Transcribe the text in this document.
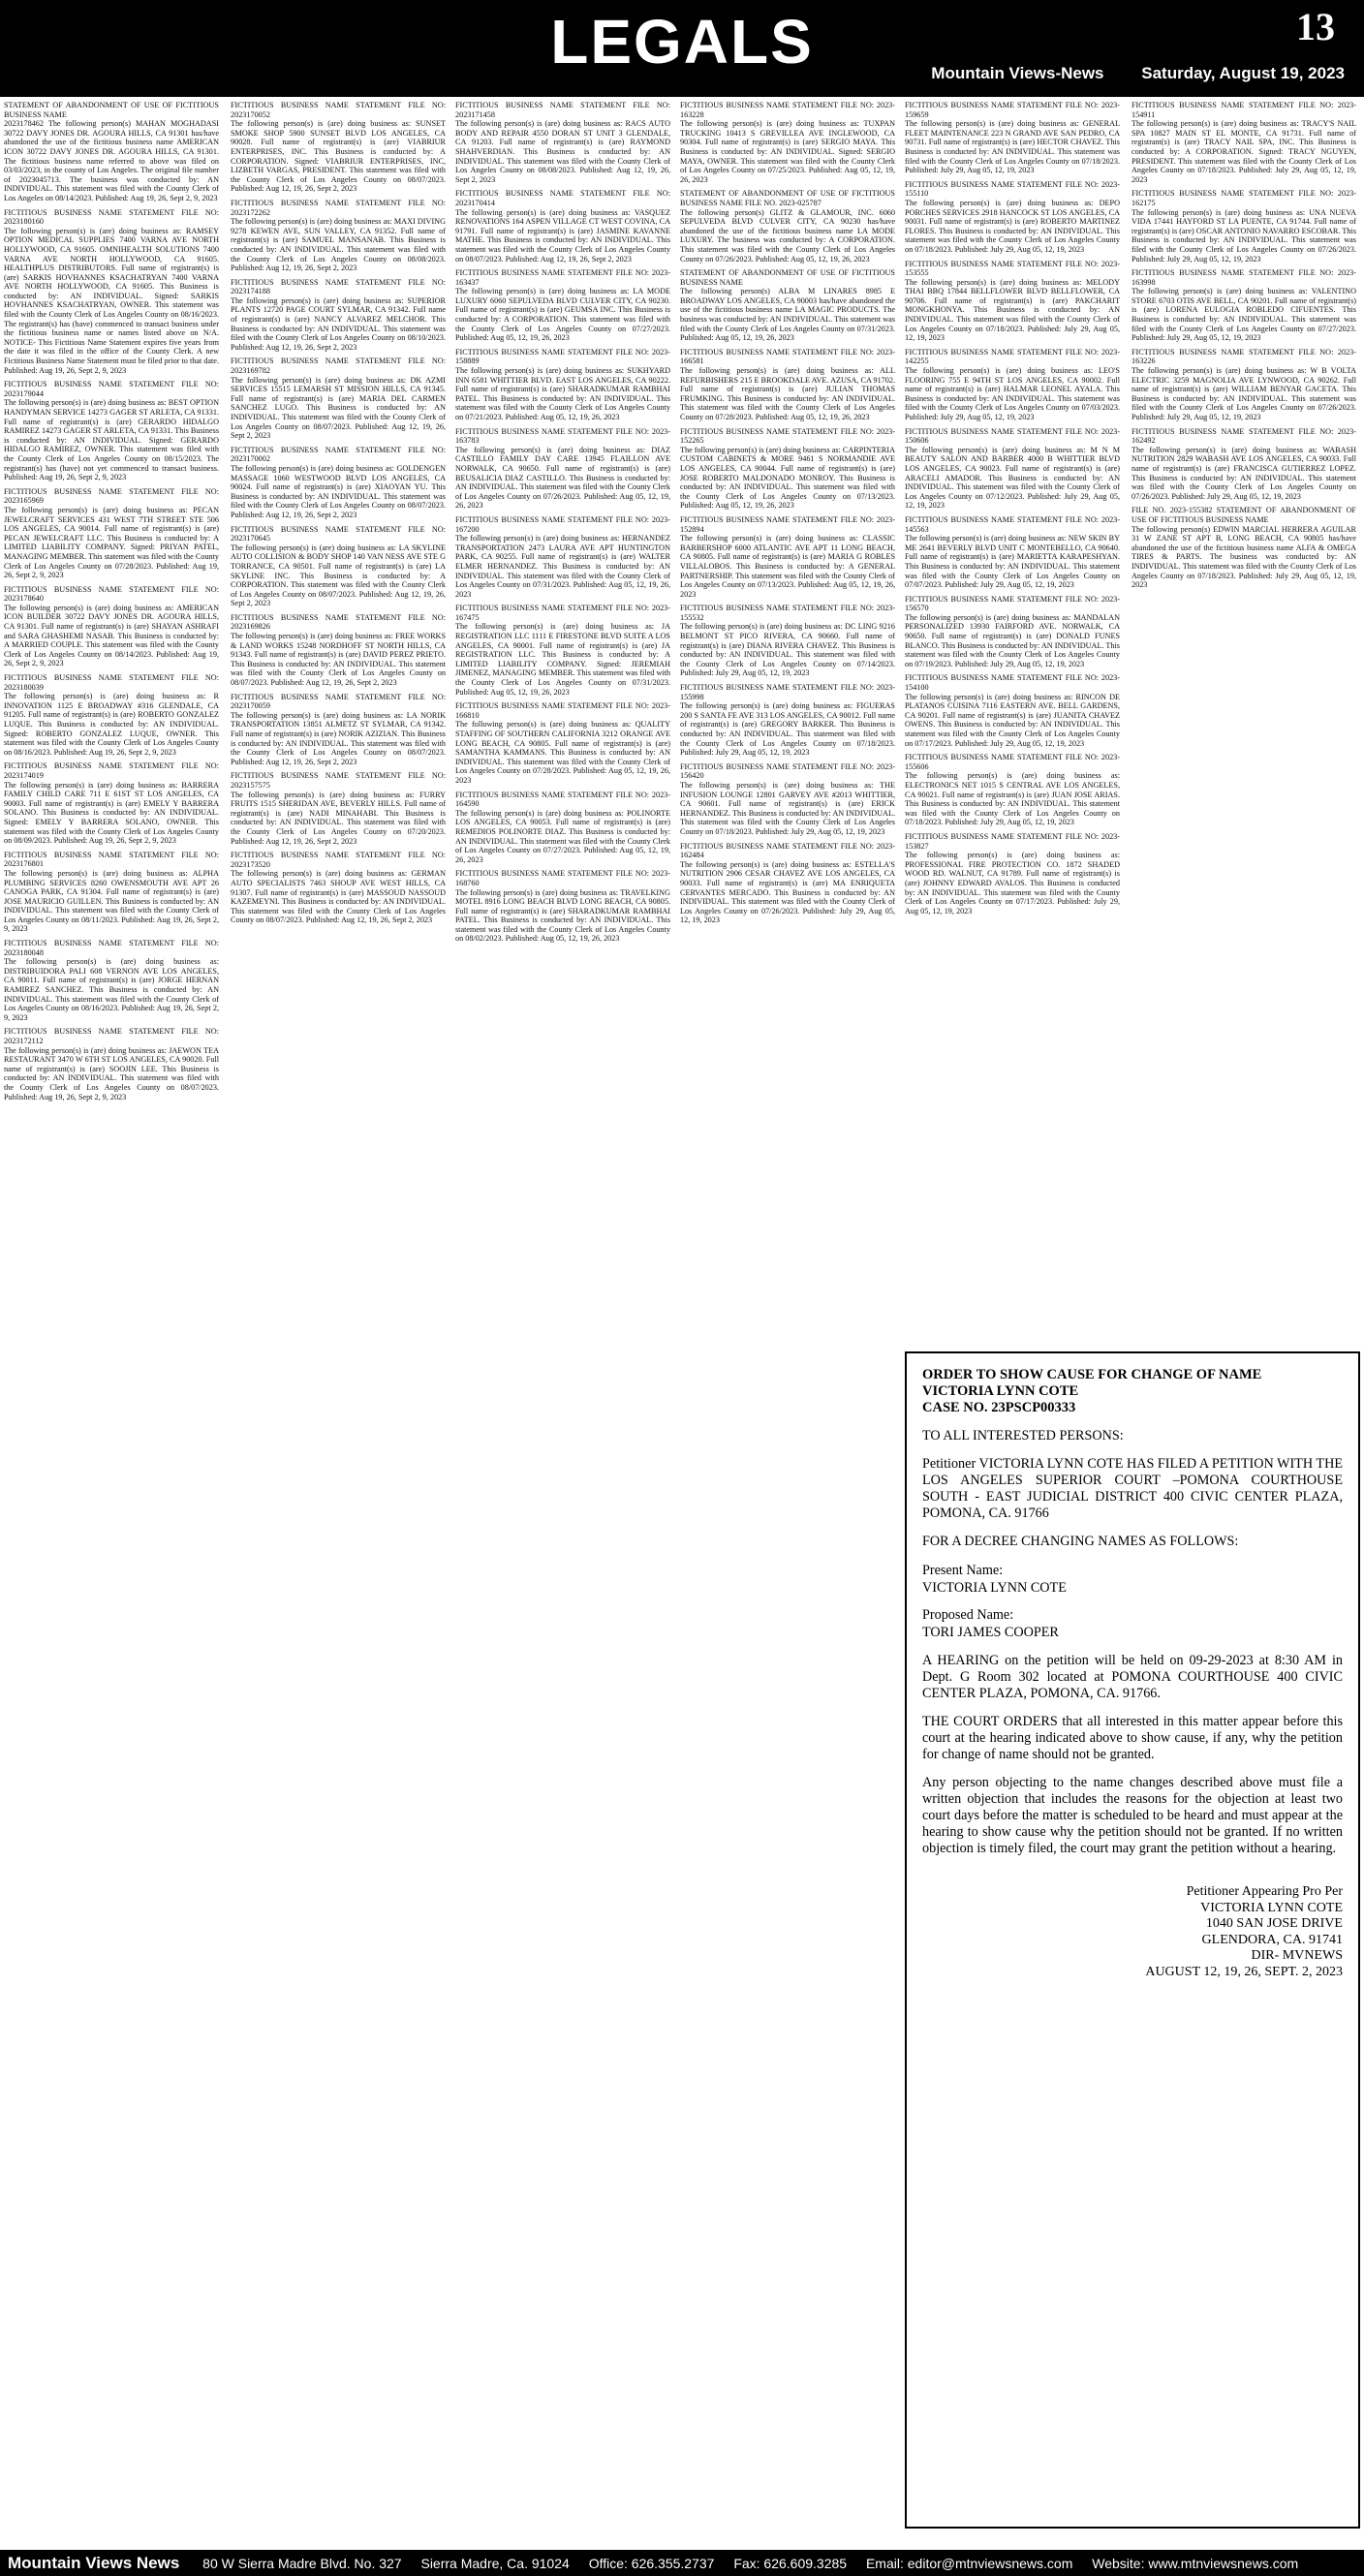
LEGALS	13
Mountain Views-News Saturday, August 19, 2023
STATEMENT OF ABANDONMENT OF USE OF FICTITIOUS BUSINESS NAME
2023178462 The following person(s) MAHAN MOGHADASI 30722 DAVY JONES DR. AGOURA HILLS, CA 91301 has/have abandoned the use of the fictitious business name AMERICAN ICON 30722 DAVY JONES DR. AGOURA HILLS, CA 91301. The fictitious business name referred to above was filed on 03/03/2023, in the county of Los Angeles. The original file number of 2023045713. The business was conducted by: AN INDIVIDUAL. This statement was filed with the County Clerk of Los Angeles on 08/14/2023. Published: Aug 19, 26, Sept 2, 9, 2023
FICTITIOUS BUSINESS NAME STATEMENT FILE NO: 2023180160
The following person(s) is (are) doing business as: RAMSEY OPTION MEDICAL SUPPLIES 7400 VARNA AVE NORTH HOLLYWOOD, CA 91605. OMNIHEALTH SOLUTIONS 7400 VARNA AVE NORTH HOLLYWOOD, CA 91605. HEALTHPLUS DISTRIBUTORS. Full name of registrant(s) is (are) SARKIS HOVHANNES KSACHATRYAN 7400 VARNA AVE NORTH HOLLYWOOD, CA 91605. This Business is conducted by: AN INDIVIDUAL. Signed: SARKIS HOVHANNES KSACHATRYAN, OWNER. This statement was filed with the County Clerk of Los Angeles County on 08/16/2023. The registrant(s) has (have) commenced to transact business under the fictitious business name or names listed above on N/A. NOTICE- This Fictitious Name Statement expires five years from the date it was filed in the office of the County Clerk. A new Fictitious Business Name Statement must be filed prior to that date. Published: Aug 19, 26, Sept 2, 9, 2023
FICTITIOUS BUSINESS NAME STATEMENT FILE NO: 2023179044
The following person(s) is (are) doing business as: BEST OPTION HANDYMAN SERVICE 14273 GAGER ST ARLETA, CA 91331. Full name of registrant(s) is (are) GERARDO HIDALGO RAMIREZ 14273 GAGER ST ARLETA, CA 91331. This Business is conducted by: AN INDIVIDUAL. Signed: GERARDO HIDALGO RAMIREZ, OWNER. This statement was filed with the County Clerk of Los Angeles County on 08/15/2023. The registrant(s) has (have) not yet commenced to transact business. Published: Aug 19, 26, Sept 2, 9, 2023
FICTITIOUS BUSINESS NAME STATEMENT FILE NO: 2023165969
The following person(s) is (are) doing business as: PECAN JEWELCRAFT SERVICES 431 WEST 7TH STREET STE 506 LOS ANGELES, CA 90014. Full name of registrant(s) is (are) PECAN JEWELCRAFT LLC. This Business is conducted by: A LIMITED LIABILITY COMPANY. Signed: PRIYAN PATEL, MANAGING MEMBER. This statement was filed with the County Clerk of Los Angeles County on 07/28/2023. Published: Aug 19, 26, Sept 2, 9, 2023
FICTITIOUS BUSINESS NAME STATEMENT FILE NO: 2023178640
The following person(s) is (are) doing business as: AMERICAN ICON BUILDER 30722 DAVY JONES DR. AGOURA HILLS, CA 91301. Full name of registrant(s) is (are) SHAYAN ASHRAFI and SARA GHASHEMI NASAB. This Business is conducted by: A MARRIED COUPLE. This statement was filed with the County Clerk of Los Angeles County on 08/14/2023. Published: Aug 19, 26, Sept 2, 9, 2023
FICTITIOUS BUSINESS NAME STATEMENT FILE NO: 2023180039
The following person(s) is (are) doing business as: R INNOVATION 1125 E BROADWAY #316 GLENDALE, CA 91205. Full name of registrant(s) is (are) ROBERTO GONZALEZ LUQUE. This Business is conducted by: AN INDIVIDUAL. Signed: ROBERTO GONZALEZ LUQUE, OWNER. This statement was filed with the County Clerk of Los Angeles County on 08/16/2023. Published: Aug 19, 26, Sept 2, 9, 2023
FICTITIOUS BUSINESS NAME STATEMENT FILE NO: 2023174019
The following person(s) is (are) doing business as: BARRERA FAMILY CHILD CARE 711 E 61ST ST LOS ANGELES, CA 90003. Full name of registrant(s) is (are) EMELY Y BARRERA SOLANO. This Business is conducted by: AN INDIVIDUAL. Signed: EMELY Y BARRERA SOLANO, OWNER. This statement was filed with the County Clerk of Los Angeles County on 08/09/2023. Published: Aug 19, 26, Sept 2, 9, 2023
FICTITIOUS BUSINESS NAME STATEMENT FILE NO: 2023176801
The following person(s) is (are) doing business as: ALPHA PLUMBING SERVICES 8260 OWENSMOUTH AVE APT 26 CANOGA PARK, CA 91304. Full name of registrant(s) is (are) JOSE MAURICIO GUILLEN. This Business is conducted by: AN INDIVIDUAL. This statement was filed with the County Clerk of Los Angeles County on 08/11/2023. Published: Aug 19, 26, Sept 2, 9, 2023
FICTITIOUS BUSINESS NAME STATEMENT FILE NO: 2023180048
The following person(s) is (are) doing business as: DISTRIBUIDORA PALI 608 VERNON AVE LOS ANGELES, CA 90011. Full name of registrant(s) is (are) JORGE HERNAN RAMIREZ SANCHEZ. This Business is conducted by: AN INDIVIDUAL. This statement was filed with the County Clerk of Los Angeles County on 08/16/2023. Published: Aug 19, 26, Sept 2, 9, 2023
FICTITIOUS BUSINESS NAME STATEMENT FILE NO: 2023172112
The following person(s) is (are) doing business as: JAEWON TEA RESTAURANT 3470 W 6TH ST LOS ANGELES, CA 90020. Full name of registrant(s) is (are) SOOJIN LEE. This Business is conducted by: AN INDIVIDUAL. This statement was filed with the County Clerk of Los Angeles County on 08/07/2023. Published: Aug 19, 26, Sept 2, 9, 2023
FICTITIOUS BUSINESS NAME STATEMENT FILE NO: 2023170052
The following person(s) is (are) doing business as: SUNSET SMOKE SHOP 5900 SUNSET BLVD LOS ANGELES, CA 90028. Full name of registrant(s) is (are) VIABRIUR ENTERPRISES, INC. This Business is conducted by: A CORPORATION. Signed: VIABRIUR ENTERPRISES, INC, LIZBETH VARGAS, PRESIDENT. This statement was filed with the County Clerk of Los Angeles County on 08/07/2023. Published: Aug 12, 19, 26, Sept 2, 2023
FICTITIOUS BUSINESS NAME STATEMENT FILE NO: 2023172262
The following person(s) is (are) doing business as: MAXI DIVING 9278 KEWEN AVE, SUN VALLEY, CA 91352. Full name of registrant(s) is (are) SAMUEL MANSANAB. This Business is conducted by: AN INDIVIDUAL. This statement was filed with the County Clerk of Los Angeles County on 08/08/2023. Published: Aug 12, 19, 26, Sept 2, 2023
FICTITIOUS BUSINESS NAME STATEMENT FILE NO: 2023174188
The following person(s) is (are) doing business as: SUPERIOR PLANTS 12720 PAGE COURT SYLMAR, CA 91342. Full name of registrant(s) is (are) NANCY ALVAREZ MELCHOR. This Business is conducted by: AN INDIVIDUAL. This statement was filed with the County Clerk of Los Angeles County on 08/10/2023. Published: Aug 12, 19, 26, Sept 2, 2023
FICTITIOUS BUSINESS NAME STATEMENT FILE NO: 2023169782
The following person(s) is (are) doing business as: DK AZMI SERVICES 15515 LEMARSH ST MISSION HILLS, CA 91345. Full name of registrant(s) is (are) MARIA DEL CARMEN SANCHEZ LUGO. This Business is conducted by: AN INDIVIDUAL. This statement was filed with the County Clerk of Los Angeles County on 08/07/2023. Published: Aug 12, 19, 26, Sept 2, 2023
FICTITIOUS BUSINESS NAME STATEMENT FILE NO: 2023170002
The following person(s) is (are) doing business as: GOLDENGEN MASSAGE 1060 WESTWOOD BLVD LOS ANGELES, CA 90024. Full name of registrant(s) is (are) XIAOYAN YU. This Business is conducted by: AN INDIVIDUAL. This statement was filed with the County Clerk of Los Angeles County on 08/07/2023. Published: Aug 12, 19, 26, Sept 2, 2023
FICTITIOUS BUSINESS NAME STATEMENT FILE NO: 2023170645
The following person(s) is (are) doing business as: LA SKYLINE AUTO COLLISION & BODY SHOP 140 VAN NESS AVE STE G TORRANCE, CA 90501. Full name of registrant(s) is (are) LA SKYLINE INC. This Business is conducted by: A CORPORATION. This statement was filed with the County Clerk of Los Angeles County on 08/07/2023. Published: Aug 12, 19, 26, Sept 2, 2023
FICTITIOUS BUSINESS NAME STATEMENT FILE NO: 2023169826
The following person(s) is (are) doing business as: FREE WORKS & LAND WORKS 15248 NORDHOFF ST NORTH HILLS, CA 91343. Full name of registrant(s) is (are) DAVID PEREZ PRIETO. This Business is conducted by: AN INDIVIDUAL. This statement was filed with the County Clerk of Los Angeles County on 08/07/2023. Published: Aug 12, 19, 26, Sept 2, 2023
FICTITIOUS BUSINESS NAME STATEMENT FILE NO: 2023170059
The following person(s) is (are) doing business as: LA NORIK TRANSPORTATION 13851 ALMETZ ST SYLMAR, CA 91342. Full name of registrant(s) is (are) NORIK AZIZIAN. This Business is conducted by: AN INDIVIDUAL. This statement was filed with the County Clerk of Los Angeles County on 08/07/2023. Published: Aug 12, 19, 26, Sept 2, 2023
FICTITIOUS BUSINESS NAME STATEMENT FILE NO: 2023157575
The following person(s) is (are) doing business as: FURRY FRUITS 1515 SHERIDAN AVE, BEVERLY HILLS. Full name of registrant(s) is (are) NADI MINAHABI. This Business is conducted by: AN INDIVIDUAL. This statement was filed with the County Clerk of Los Angeles County on 07/20/2023. Published: Aug 12, 19, 26, Sept 2, 2023
FICTITIOUS BUSINESS NAME STATEMENT FILE NO: 2023173520
The following person(s) is (are) doing business as: GERMAN AUTO SPECIALISTS 7463 SHOUP AVE WEST HILLS, CA 91307. Full name of registrant(s) is (are) MASSOUD NASSOUD KAZEMEYNI. This Business is conducted by: AN INDIVIDUAL. This statement was filed with the County Clerk of Los Angeles County on 08/07/2023. Published: Aug 12, 19, 26, Sept 2, 2023
FICTITIOUS BUSINESS NAME STATEMENT FILE NO: 2023171458
The following person(s) is (are) doing business as: RACS AUTO BODY AND REPAIR 4550 DORAN ST UNIT 3 GLENDALE, CA 91203. Full name of registrant(s) is (are) RAYMOND SHAHVERDIAN. This Business is conducted by: AN INDIVIDUAL. This statement was filed with the County Clerk of Los Angeles County on 08/08/2023. Published: Aug 12, 19, 26, Sept 2, 2023
FICTITIOUS BUSINESS NAME STATEMENT FILE NO: 2023170414
The following person(s) is (are) doing business as: VASQUEZ RENOVATIONS 164 ASPEN VILLAGE CT WEST COVINA, CA 91791. Full name of registrant(s) is (are) JASMINE KAVANNE MATHE. This Business is conducted by: AN INDIVIDUAL. This statement was filed with the County Clerk of Los Angeles County on 08/07/2023. Published: Aug 12, 19, 26, Sept 2, 2023
FICTITIOUS BUSINESS NAME STATEMENT FILE NO: 2023-163437
The following person(s) is (are) doing business as: LA MODE LUXURY 6060 SEPULVEDA BLVD CULVER CITY, CA 90230. Full name of registrant(s) is (are) GEUMSA INC. This Business is conducted by: A CORPORATION. This statement was filed with the County Clerk of Los Angeles County on 07/27/2023. Published: Aug 05, 12, 19, 26, 2023
FICTITIOUS BUSINESS NAME STATEMENT FILE NO: 2023-158889
The following person(s) is (are) doing business as: SUKHYARD INN 6581 WHITTIER BLVD. EAST LOS ANGELES, CA 90222. Full name of registrant(s) is (are) SHARADKUMAR RAMBHAI PATEL. This Business is conducted by: AN INDIVIDUAL. This statement was filed with the County Clerk of Los Angeles County on 07/21/2023. Published: Aug 05, 12, 19, 26, 2023
FICTITIOUS BUSINESS NAME STATEMENT FILE NO: 2023-163783
The following person(s) is (are) doing business as: DIAZ CASTILLO FAMILY DAY CARE 13945 FLAILLON AVE NORWALK, CA 90650. Full name of registrant(s) is (are) BEUSALICIA DIAZ CASTILLO. This Business is conducted by: AN INDIVIDUAL. This statement was filed with the County Clerk of Los Angeles County on 07/26/2023. Published: Aug 05, 12, 19, 26, 2023
FICTITIOUS BUSINESS NAME STATEMENT FILE NO: 2023-167200
The following person(s) is (are) doing business as: HERNANDEZ TRANSPORTATION 2473 LAURA AVE APT HUNTINGTON PARK, CA 90255. Full name of registrant(s) is (are) WALTER ELMER HERNANDEZ. This Business is conducted by: AN INDIVIDUAL. This statement was filed with the County Clerk of Los Angeles County on 07/31/2023. Published: Aug 05, 12, 19, 26, 2023
FICTITIOUS BUSINESS NAME STATEMENT FILE NO: 2023-167475
The following person(s) is (are) doing business as: JA REGISTRATION LLC 1111 E FIRESTONE BLVD SUITE A LOS ANGELES, CA 90001. Full name of registrant(s) is (are) JA REGISTRATION LLC. This Business is conducted by: A LIMITED LIABILITY COMPANY. Signed: JEREMIAH JIMENEZ, MANAGING MEMBER. This statement was filed with the County Clerk of Los Angeles County on 07/31/2023. Published: Aug 05, 12, 19, 26, 2023
FICTITIOUS BUSINESS NAME STATEMENT FILE NO: 2023-166810
The following person(s) is (are) doing business as: QUALITY STAFFING OF SOUTHERN CALIFORNIA 3212 ORANGE AVE LONG BEACH, CA 90805. Full name of registrant(s) is (are) SAMANTHA KAMMANS. This Business is conducted by: AN INDIVIDUAL. This statement was filed with the County Clerk of Los Angeles County on 07/28/2023. Published: Aug 05, 12, 19, 26, 2023
FICTITIOUS BUSINESS NAME STATEMENT FILE NO: 2023-164590
The following person(s) is (are) doing business as: POLINORTE LOS ANGELES, CA 90053. Full name of registrant(s) is (are) REMEDIOS POLINORTE DIAZ. This Business is conducted by: AN INDIVIDUAL. This statement was filed with the County Clerk of Los Angeles County on 07/27/2023. Published: Aug 05, 12, 19, 26, 2023
FICTITIOUS BUSINESS NAME STATEMENT FILE NO: 2023-168760
The following person(s) is (are) doing business as: TRAVELKING MOTEL 8916 LONG BEACH BLVD LONG BEACH, CA 90805. Full name of registrant(s) is (are) SHARADKUMAR RAMBHAI PATEL. This Business is conducted by: AN INDIVIDUAL. This statement was filed with the County Clerk of Los Angeles County on 08/02/2023. Published: Aug 05, 12, 19, 26, 2023
FICTITIOUS BUSINESS NAME STATEMENT FILE NO: 2023-163228
The following person(s) is (are) doing business as: TUXPAN TRUCKING 10413 S GREVILLEA AVE INGLEWOOD, CA 90304. Full name of registrant(s) is (are) SERGIO MAYA. This Business is conducted by: AN INDIVIDUAL. Signed: SERGIO MAYA, OWNER. This statement was filed with the County Clerk of Los Angeles County on 07/25/2023. Published: Aug 05, 12, 19, 26, 2023
STATEMENT OF ABANDONMENT OF USE OF FICTITIOUS BUSINESS NAME FILE NO. 2023-025787
The following person(s) GLITZ & GLAMOUR, INC. 6060 SEPULVEDA BLVD CULVER CITY, CA 90230 has/have abandoned the use of the fictitious business name LA MODE LUXURY. The business was conducted by: A CORPORATION. This statement was filed with the County Clerk of Los Angeles County on 07/26/2023. Published: Aug 05, 12, 19, 26, 2023
STATEMENT OF ABANDONMENT OF USE OF FICTITIOUS BUSINESS NAME
The following person(s) ALBA M LINARES 8985 E BROADWAY LOS ANGELES, CA 90003 has/have abandoned the use of the fictitious business name LA MAGIC PRODUCTS. The business was conducted by: AN INDIVIDUAL. This statement was filed with the County Clerk of Los Angeles County on 07/31/2023. Published: Aug 05, 12, 19, 26, 2023
FICTITIOUS BUSINESS NAME STATEMENT FILE NO: 2023-166581
The following person(s) is (are) doing business as: ALL REFURBISHERS 215 E BROOKDALE AVE. AZUSA, CA 91702. Full name of registrant(s) is (are) JULIAN THOMAS FRUMKING. This Business is conducted by: AN INDIVIDUAL. This statement was filed with the County Clerk of Los Angeles County on 07/28/2023. Published: Aug 05, 12, 19, 26, 2023
FICTITIOUS BUSINESS NAME STATEMENT FILE NO: 2023-152265
The following person(s) is (are) doing business as: CARPINTERIA CUSTOM CABINETS & MORE 9461 S NORMANDIE AVE LOS ANGELES, CA 90044. Full name of registrant(s) is (are) JOSE ROBERTO MALDONADO MONROY. This Business is conducted by: AN INDIVIDUAL. This statement was filed with the County Clerk of Los Angeles County on 07/13/2023. Published: Aug 05, 12, 19, 26, 2023
FICTITIOUS BUSINESS NAME STATEMENT FILE NO: 2023-152894
The following person(s) is (are) doing business as: CLASSIC BARBERSHOP 6000 ATLANTIC AVE APT 11 LONG BEACH, CA 90805. Full name of registrant(s) is (are) MARIA G ROBLES VILLALOBOS. This Business is conducted by: A GENERAL PARTNERSHIP. This statement was filed with the County Clerk of Los Angeles County on 07/13/2023. Published: Aug 05, 12, 19, 26, 2023
FICTITIOUS BUSINESS NAME STATEMENT FILE NO: 2023-155532
The following person(s) is (are) doing business as: DC LING 9216 BELMONT ST PICO RIVERA, CA 90660. Full name of registrant(s) is (are) DIANA RIVERA CHAVEZ. This Business is conducted by: AN INDIVIDUAL. This statement was filed with the County Clerk of Los Angeles County on 07/14/2023. Published: July 29, Aug 05, 12, 19, 2023
FICTITIOUS BUSINESS NAME STATEMENT FILE NO: 2023-155998
The following person(s) is (are) doing business as: FIGUERAS 200 S SANTA FE AVE 313 LOS ANGELES, CA 90012. Full name of registrant(s) is (are) GREGORY BARKER. This Business is conducted by: AN INDIVIDUAL. This statement was filed with the County Clerk of Los Angeles County on 07/18/2023. Published: July 29, Aug 05, 12, 19, 2023
FICTITIOUS BUSINESS NAME STATEMENT FILE NO: 2023-156420
The following person(s) is (are) doing business as: THE INFUSION LOUNGE 12801 GARVEY AVE #2013 WHITTIER, CA 90601. Full name of registrant(s) is (are) ERICK HERNANDEZ. This Business is conducted by: AN INDIVIDUAL. This statement was filed with the County Clerk of Los Angeles County on 07/18/2023. Published: July 29, Aug 05, 12, 19, 2023
FICTITIOUS BUSINESS NAME STATEMENT FILE NO: 2023-162484
The following person(s) is (are) doing business as: ESTELLA'S NUTRITION 2906 CESAR CHAVEZ AVE LOS ANGELES, CA 90033. Full name of registrant(s) is (are) MA ENRIQUETA CERVANTES MERCADO. This Business is conducted by: AN INDIVIDUAL. This statement was filed with the County Clerk of Los Angeles County on 07/26/2023. Published: July 29, Aug 05, 12, 19, 2023
FICTITIOUS BUSINESS NAME STATEMENT FILE NO: 2023-159659
The following person(s) is (are) doing business as: GENERAL FLEET MAINTENANCE 223 N GRAND AVE SAN PEDRO, CA 90731. Full name of registrant(s) is (are) HECTOR CHAVEZ. This Business is conducted by: AN INDIVIDUAL. This statement was filed with the County Clerk of Los Angeles County on 07/18/2023. Published: July 29, Aug 05, 12, 19, 2023
FICTITIOUS BUSINESS NAME STATEMENT FILE NO: 2023-155110
The following person(s) is (are) doing business as: DEPO PORCHES SERVICES 2918 HANCOCK ST LOS ANGELES, CA 90031. Full name of registrant(s) is (are) ROBERTO MARTINEZ FLORES. This Business is conducted by: AN INDIVIDUAL. This statement was filed with the County Clerk of Los Angeles County on 07/18/2023. Published: July 29, Aug 05, 12, 19, 2023
FICTITIOUS BUSINESS NAME STATEMENT FILE NO: 2023-153555
The following person(s) is (are) doing business as: MELODY THAI BBQ 17844 BELLFLOWER BLVD BELLFLOWER, CA 90706. Full name of registrant(s) is (are) PAKCHARIT MONGKHONYA. This Business is conducted by: AN INDIVIDUAL. This statement was filed with the County Clerk of Los Angeles County on 07/18/2023. Published: July 29, Aug 05, 12, 19, 2023
FICTITIOUS BUSINESS NAME STATEMENT FILE NO: 2023-142255
The following person(s) is (are) doing business as: LEO'S FLOORING 755 E 94TH ST LOS ANGELES, CA 90002. Full name of registrant(s) is (are) HALMAR LEONEL AYALA. This Business is conducted by: AN INDIVIDUAL. This statement was filed with the County Clerk of Los Angeles County on 07/03/2023. Published: July 29, Aug 05, 12, 19, 2023
FICTITIOUS BUSINESS NAME STATEMENT FILE NO: 2023-150606
The following person(s) is (are) doing business as: M N M BEAUTY SALON AND BARBER 4000 B WHITTIER BLVD LOS ANGELES, CA 90023. Full name of registrant(s) is (are) ARACELI AMADOR. This Business is conducted by: AN INDIVIDUAL. This statement was filed with the County Clerk of Los Angeles County on 07/12/2023. Published: July 29, Aug 05, 12, 19, 2023
FICTITIOUS BUSINESS NAME STATEMENT FILE NO: 2023-145563
The following person(s) is (are) doing business as: NEW SKIN BY ME 2641 BEVERLY BLVD UNIT C MONTEBELLO, CA 90640. Full name of registrant(s) is (are) MARIETTA KARAPESHYAN. This Business is conducted by: AN INDIVIDUAL. This statement was filed with the County Clerk of Los Angeles County on 07/07/2023. Published: July 29, Aug 05, 12, 19, 2023
FICTITIOUS BUSINESS NAME STATEMENT FILE NO: 2023-156570
The following person(s) is (are) doing business as: MANDALAN PERSONALIZED 13930 FAIRFORD AVE. NORWALK, CA 90650. Full name of registrant(s) is (are) DONALD FUNES BLANCO. This Business is conducted by: AN INDIVIDUAL. This statement was filed with the County Clerk of Los Angeles County on 07/19/2023. Published: July 29, Aug 05, 12, 19, 2023
FICTITIOUS BUSINESS NAME STATEMENT FILE NO: 2023-154100
The following person(s) is (are) doing business as: RINCON DE PLATANOS CUISINA 7116 EASTERN AVE. BELL GARDENS, CA 90201. Full name of registrant(s) is (are) JUANITA CHAVEZ OWENS. This Business is conducted by: AN INDIVIDUAL. This statement was filed with the County Clerk of Los Angeles County on 07/17/2023. Published: July 29, Aug 05, 12, 19, 2023
FICTITIOUS BUSINESS NAME STATEMENT FILE NO: 2023-155606
The following person(s) is (are) doing business as: ELECTRONICS NET 1015 S CENTRAL AVE LOS ANGELES, CA 90021. Full name of registrant(s) is (are) JUAN JOSE ARIAS. This Business is conducted by: AN INDIVIDUAL. This statement was filed with the County Clerk of Los Angeles County on 07/18/2023. Published: July 29, Aug 05, 12, 19, 2023
FICTITIOUS BUSINESS NAME STATEMENT FILE NO: 2023-153827
The following person(s) is (are) doing business as: PROFESSIONAL FIRE PROTECTION CO. 1872 SHADED WOOD RD. WALNUT, CA 91789. Full name of registrant(s) is (are) JOHNNY EDWARD AVALOS. This Business is conducted by: AN INDIVIDUAL. This statement was filed with the County Clerk of Los Angeles County on 07/17/2023. Published: July 29, Aug 05, 12, 19, 2023
FICTITIOUS BUSINESS NAME STATEMENT FILE NO: 2023-154911
The following person(s) is (are) doing business as: TRACY'S NAIL SPA 10827 MAIN ST EL MONTE, CA 91731. Full name of registrant(s) is (are) TRACY NAIL SPA, INC. This Business is conducted by: A CORPORATION. Signed: TRACY NGUYEN, PRESIDENT. This statement was filed with the County Clerk of Los Angeles County on 07/18/2023. Published: July 29, Aug 05, 12, 19, 2023
FICTITIOUS BUSINESS NAME STATEMENT FILE NO: 2023-162175
The following person(s) is (are) doing business as: UNA NUEVA VIDA 17441 HAYFORD ST LA PUENTE, CA 91744. Full name of registrant(s) is (are) OSCAR ANTONIO NAVARRO ESCOBAR. This Business is conducted by: AN INDIVIDUAL. This statement was filed with the County Clerk of Los Angeles County on 07/26/2023. Published: July 29, Aug 05, 12, 19, 2023
FICTITIOUS BUSINESS NAME STATEMENT FILE NO: 2023-163998
The following person(s) is (are) doing business as: VALENTINO STORE 6703 OTIS AVE BELL, CA 90201. Full name of registrant(s) is (are) LORENA EULOGIA ROBLEDO CIFUENTES. This Business is conducted by: AN INDIVIDUAL. This statement was filed with the County Clerk of Los Angeles County on 07/27/2023. Published: July 29, Aug 05, 12, 19, 2023
FICTITIOUS BUSINESS NAME STATEMENT FILE NO: 2023-163226
The following person(s) is (are) doing business as: W B VOLTA ELECTRIC 3259 MAGNOLIA AVE LYNWOOD, CA 90262. Full name of registrant(s) is (are) WILLIAM BENYAR GACETA. This Business is conducted by: AN INDIVIDUAL. This statement was filed with the County Clerk of Los Angeles County on 07/26/2023. Published: July 29, Aug 05, 12, 19, 2023
FICTITIOUS BUSINESS NAME STATEMENT FILE NO: 2023-162492
The following person(s) is (are) doing business as: WABASH NUTRITION 2829 WABASH AVE LOS ANGELES, CA 90033. Full name of registrant(s) is (are) FRANCISCA GUTIERREZ LOPEZ. This Business is conducted by: AN INDIVIDUAL. This statement was filed with the County Clerk of Los Angeles County on 07/26/2023. Published: July 29, Aug 05, 12, 19, 2023
FILE NO. 2023-155382 STATEMENT OF ABANDONMENT OF USE OF FICTITIOUS BUSINESS NAME
The following person(s) EDWIN MARCIAL HERRERA AGUILAR 31 W ZANE ST APT B, LONG BEACH, CA 90805 has/have abandoned the use of the fictitious business name ALFA & OMEGA TIRES & PARTS. The business was conducted by: AN INDIVIDUAL. This statement was filed with the County Clerk of Los Angeles County on 07/18/2023. Published: July 29, Aug 05, 12, 19, 2023
ORDER TO SHOW CAUSE FOR CHANGE OF NAME
VICTORIA LYNN COTE
CASE NO. 23PSCP00333

TO ALL INTERESTED PERSONS:

Petitioner VICTORIA LYNN COTE HAS FILED A PETITION WITH THE LOS ANGELES SUPERIOR COURT –POMONA COURTHOUSE SOUTH - EAST JUDICIAL DISTRICT 400 CIVIC CENTER PLAZA, POMONA, CA. 91766

FOR A DECREE CHANGING NAMES AS FOLLOWS:

Present Name:
VICTORIA LYNN COTE
Proposed Name:
TORI JAMES COOPER

A HEARING on the petition will be held on 09-29-2023 at 8:30 AM in Dept. G Room 302 located at POMONA COURTHOUSE 400 CIVIC CENTER PLAZA, POMONA, CA. 91766.

THE COURT ORDERS that all interested in this matter appear before this court at the hearing indicated above to show cause, if any, why the petition for change of name should not be granted.

Any person objecting to the name changes described above must file a written objection that includes the reasons for the objection at least two court days before the matter is scheduled to be heard and must appear at the hearing to show cause why the petition should not be granted. If no written objection is timely filed, the court may grant the petition without a hearing.

Petitioner Appearing Pro Per
VICTORIA LYNN COTE
1040 SAN JOSE DRIVE
GLENDORA, CA. 91741
DIR- MVNEWS
AUGUST 12, 19, 26, SEPT. 2, 2023
Mountain Views News 80 W Sierra Madre Blvd. No. 327 Sierra Madre, Ca. 91024 Office: 626.355.2737 Fax: 626.609.3285 Email: editor@mtnviewsnews.com Website: www.mtnviewsnews.com
